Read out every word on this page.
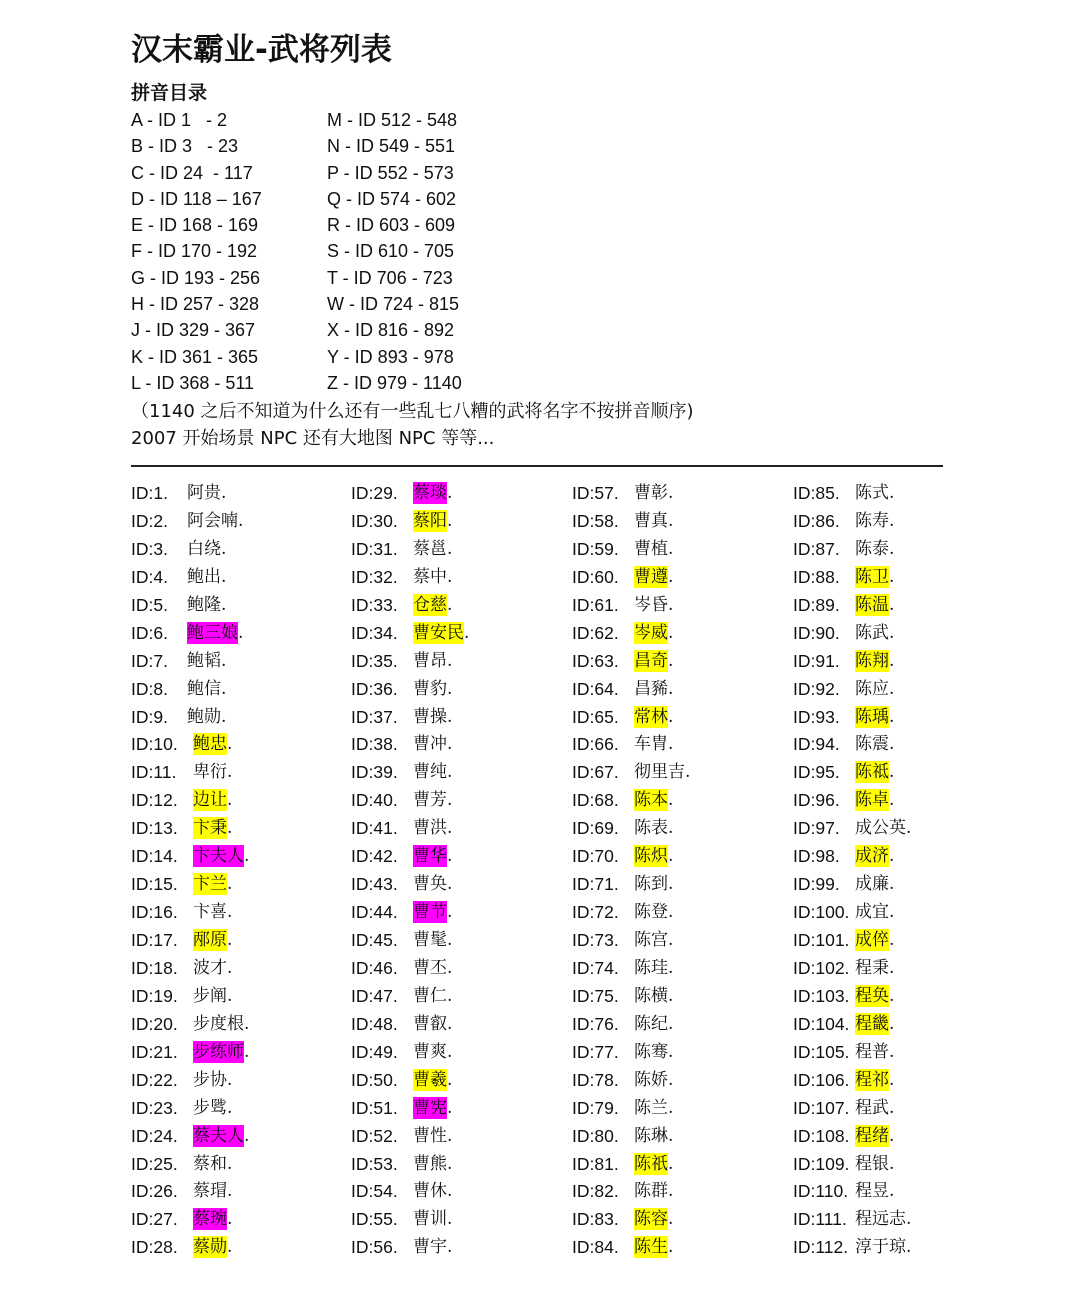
汉末霸业-武将列表
拼音目录
A - ID 1   - 2	M - ID 512 - 548
B - ID 3   - 23	N - ID 549 - 551
C - ID 24  - 117	P - ID 552 - 573
D - ID 118 – 167	Q - ID 574 - 602
E - ID 168 - 169	R - ID 603 - 609
F - ID 170 - 192	S - ID 610 - 705
G - ID 193 - 256	T - ID 706 - 723
H - ID 257 - 328	W - ID 724 - 815
J - ID 329 - 367	X - ID 816 - 892
K - ID 361 - 365	Y - ID 893 - 978
L - ID 368 - 511	Z - ID 979 - 1140
（1140 之后不知道为什么还有一些乱七八糟的武将名字不按拼音顺序)
2007 开始场景 NPC 还有大地图 NPC 等等...
ID:1. 阿贵.
ID:2. 阿会喃.
ID:3. 白绕.
ID:4. 鲍出.
ID:5. 鲍隆.
ID:6. 鲍三娘.
ID:7. 鲍韬.
ID:8. 鲍信.
ID:9. 鲍勋.
ID:10. 鲍忠.
ID:11. 卑衍.
ID:12. 边让.
ID:13. 卞秉.
ID:14. 卞夫人.
ID:15. 卞兰.
ID:16. 卞喜.
ID:17. 邴原.
ID:18. 波才.
ID:19. 步阐.
ID:20. 步度根.
ID:21. 步练师.
ID:22. 步协.
ID:23. 步骘.
ID:24. 蔡夫人.
ID:25. 蔡和.
ID:26. 蔡瑁.
ID:27. 蔡琬.
ID:28. 蔡勋.
ID:29. 蔡琰.
ID:30. 蔡阳.
ID:31. 蔡邕.
ID:32. 蔡中.
ID:33. 仓慈.
ID:34. 曹安民.
ID:35. 曹昂.
ID:36. 曹豹.
ID:37. 曹操.
ID:38. 曹冲.
ID:39. 曹纯.
ID:40. 曹芳.
ID:41. 曹洪.
ID:42. 曹华.
ID:43. 曹奂.
ID:44. 曹节.
ID:45. 曹髦.
ID:46. 曹丕.
ID:47. 曹仁.
ID:48. 曹叡.
ID:49. 曹爽.
ID:50. 曹羲.
ID:51. 曹宪.
ID:52. 曹性.
ID:53. 曹熊.
ID:54. 曹休.
ID:55. 曹训.
ID:56. 曹宇.
ID:57. 曹彰.
ID:58. 曹真.
ID:59. 曹植.
ID:60. 曹遵.
ID:61. 岑昏.
ID:62. 岑威.
ID:63. 昌奇.
ID:64. 昌豨.
ID:65. 常林.
ID:66. 车胄.
ID:67. 彻里吉.
ID:68. 陈本.
ID:69. 陈表.
ID:70. 陈炽.
ID:71. 陈到.
ID:72. 陈登.
ID:73. 陈宫.
ID:74. 陈珪.
ID:75. 陈横.
ID:76. 陈纪.
ID:77. 陈骞.
ID:78. 陈娇.
ID:79. 陈兰.
ID:80. 陈琳.
ID:81. 陈祇.
ID:82. 陈群.
ID:83. 陈容.
ID:84. 陈生.
ID:85. 陈式.
ID:86. 陈寿.
ID:87. 陈泰.
ID:88. 陈卫.
ID:89. 陈温.
ID:90. 陈武.
ID:91. 陈翔.
ID:92. 陈应.
ID:93. 陈瑀.
ID:94. 陈震.
ID:95. 陈祗.
ID:96. 陈卓.
ID:97. 成公英.
ID:98. 成济.
ID:99. 成廉.
ID:100. 成宜.
ID:101. 成倅.
ID:102. 程秉.
ID:103. 程奂.
ID:104. 程畿.
ID:105. 程普.
ID:106. 程祁.
ID:107. 程武.
ID:108. 程绪.
ID:109. 程银.
ID:110. 程昱.
ID:111. 程远志.
ID:112. 淳于琼.
